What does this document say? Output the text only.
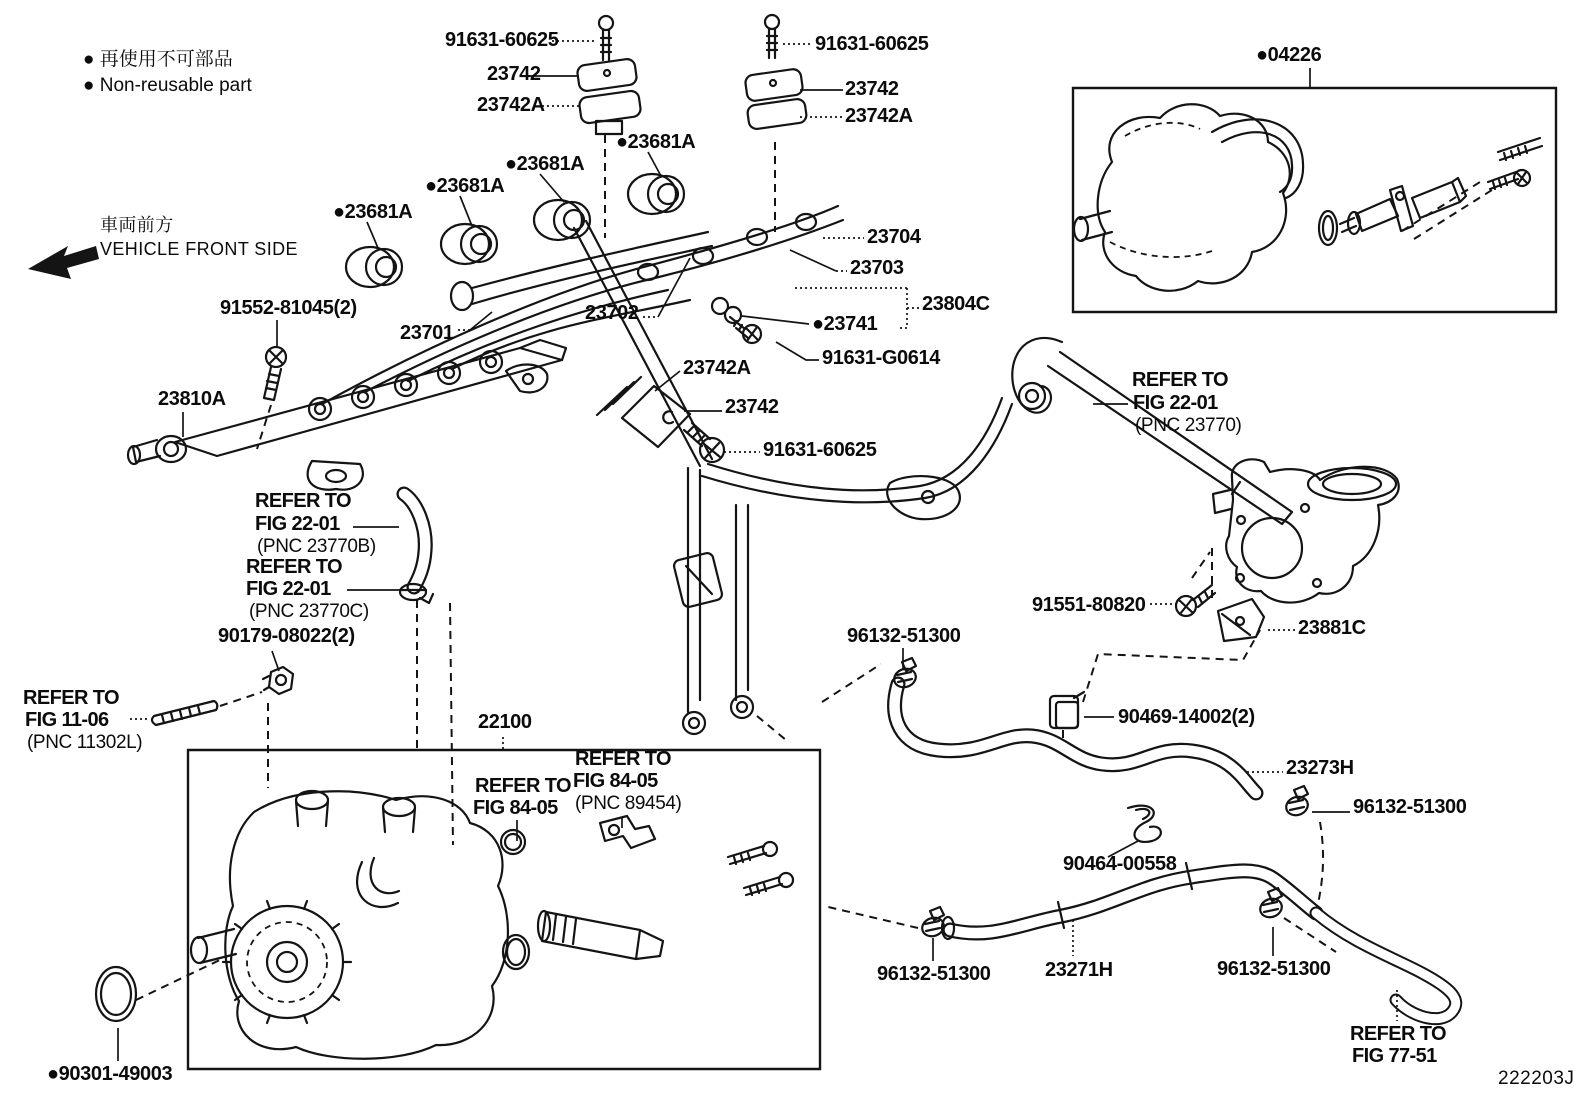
● 再使用不可部品
● Non-reusable part
車両前方
VEHICLE FRONT SIDE
91631-60625
23742
23742A
91631-60625
23742
23742A
●23681A
●23681A
●23681A
●23681A
●04226
91552-81045(2)
23704
23703
23804C
●23741
91631-G0614
23702
23701
23810A
23742A
23742
91631-60625
REFER TO
FIG 22-01
(PNC 23770B)
REFER TO
FIG 22-01
(PNC 23770C)
90179-08022(2)
REFER TO
FIG 11-06
(PNC 11302L)
REFER TO
FIG 22-01
(PNC 23770)
22100
REFER TO
FIG 84-05
(PNC 89454)
REFER TO
FIG 84-05
96132-51300
91551-80820
23881C
90469-14002(2)
23273H
96132-51300
90464-00558
96132-51300	23271H	96132-51300
●90301-49003
REFER TO
FIG 77-51
222203J
